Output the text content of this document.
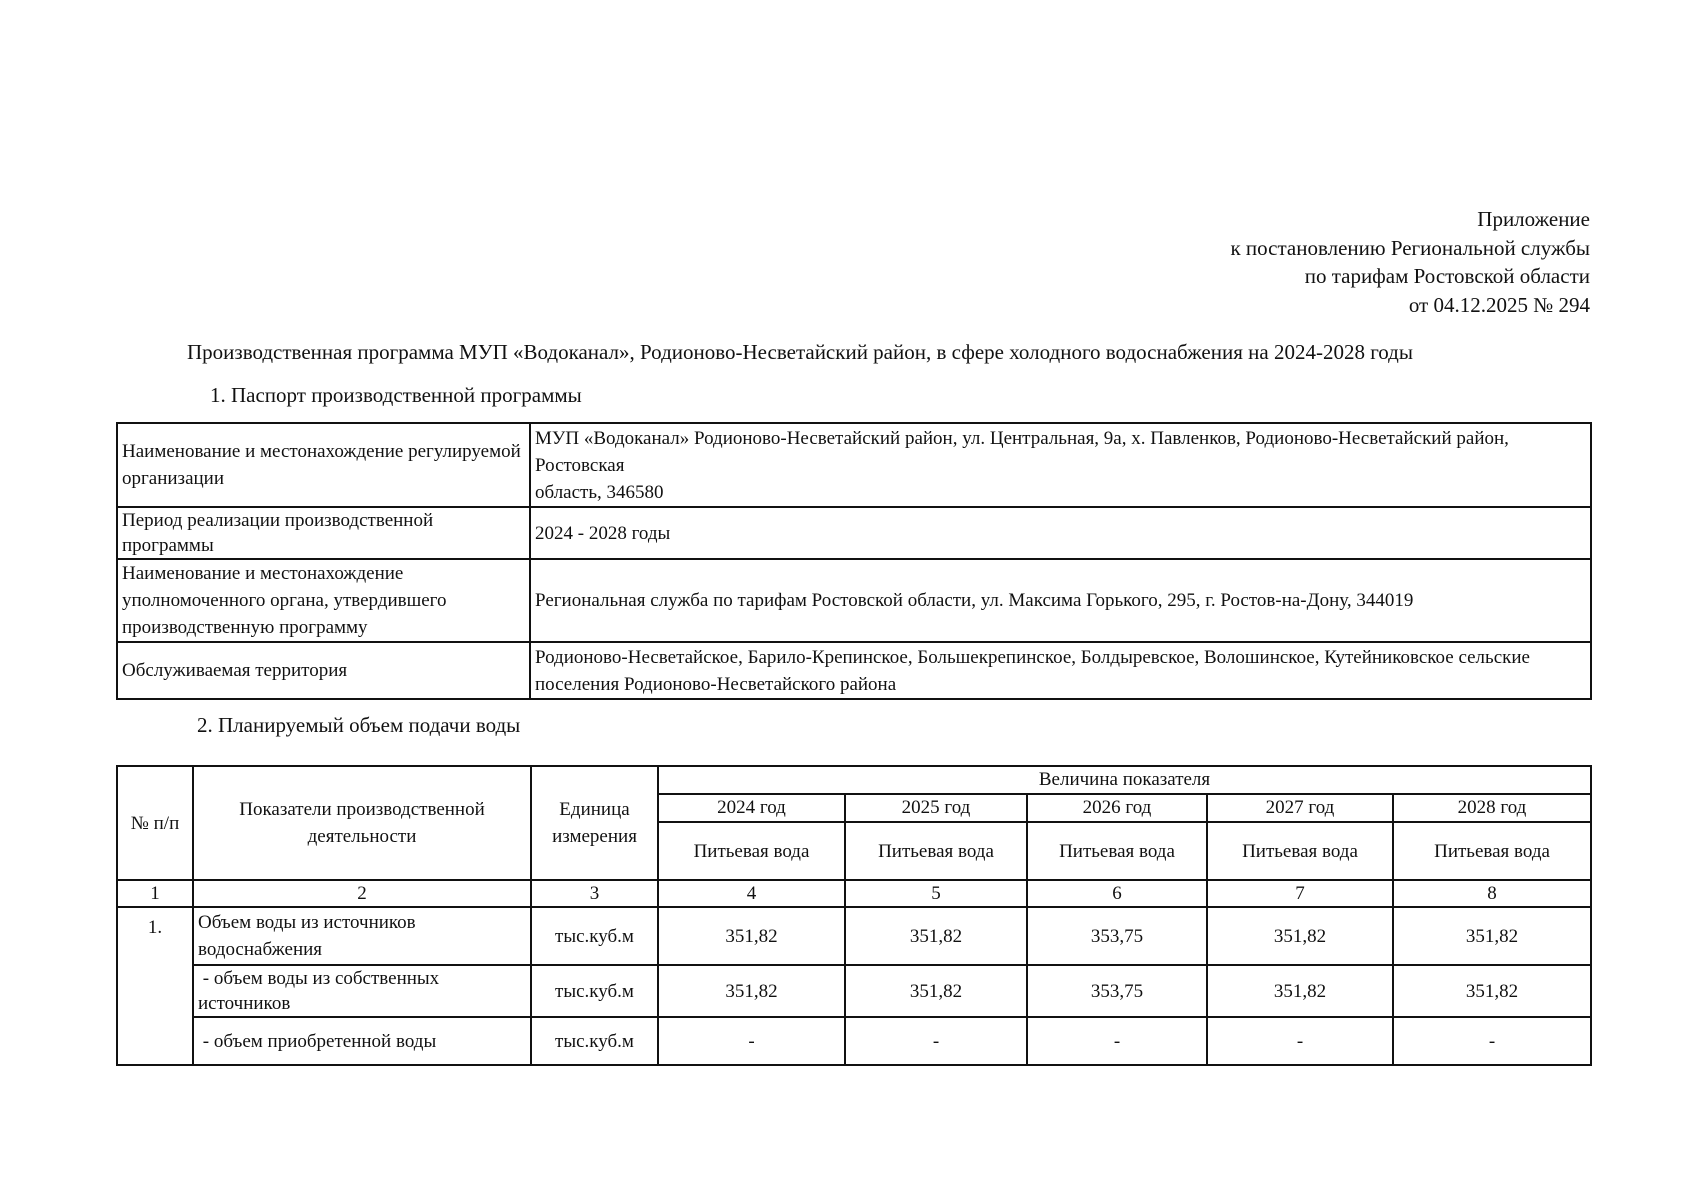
Приложение
к постановлению Региональной службы
по тарифам Ростовской области
от 04.12.2025 № 294
Производственная программа МУП «Водоканал», Родионово-Несветайский район, в сфере холодного водоснабжения на 2024-2028 годы
1. Паспорт производственной программы
Наименование и местонахождение регулируемой организации	МУП «Водоканал» Родионово-Несветайский район, ул. Центральная, 9а, х. Павленков, Родионово-Несветайский район, Ростовская
область, 346580

Период реализации производственной программы	2024 - 2028 годы

Наименование и местонахождение уполномоченного органа, утвердившего производственную программу	Региональная служба по тарифам Ростовской области, ул. Максима Горького, 295, г. Ростов-на-Дону, 344019

Обслуживаемая территория	Родионово-Несветайское, Барило-Крепинское, Большекрепинское, Болдыревское, Волошинское, Кутейниковское сельские поселения Родионово-Несветайского района
2. Планируемый объем подачи воды
№ п/п	Показатели производственной деятельности	Единица измерения	Величина показателя				
			2024 год	2025 год	2026 год	2027 год	2028 год
			Питьевая вода	Питьевая вода	Питьевая вода	Питьевая вода	Питьевая вода
1	2	3	4	5	6	7	8
1.	Объем воды из источников водоснабжения	тыс.куб.м	351,82	351,82	353,75	351,82	351,82
	- объем воды из собственных источников	тыс.куб.м	351,82	351,82	353,75	351,82	351,82
	- объем приобретенной воды	тыс.куб.м	-	-	-	-	-
